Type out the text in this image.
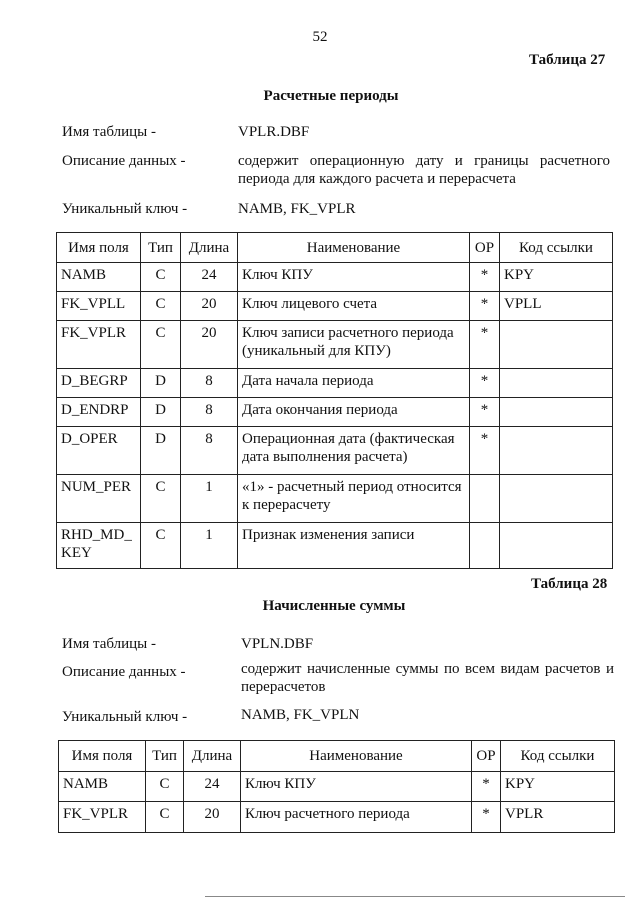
52
Таблица 27
Расчетные периоды
Имя таблицы -	VPLR.DBF
Описание данных -	содержит операционную дату и границы расчетного периода для каждого расчета и перерасчета
Уникальный ключ -	NAMB, FK_VPLR
Имя поля	Тип	Длина	Наименование	ОР	Код ссылки
NAMB	C	24	Ключ КПУ	*	KPY
FK_VPLL	C	20	Ключ лицевого счета	*	VPLL
FK_VPLR	C	20	Ключ записи расчетного периода (уникальный для КПУ)	*	
D_BEGRP	D	8	Дата начала периода	*	
D_ENDRP	D	8	Дата окончания периода	*	
D_OPER	D	8	Операционная дата (фактическая дата выполнения расчета)	*	
NUM_PER	C	1	«1» - расчетный период относится к перерасчету		
RHD_MD_ KEY	C	1	Признак изменения записи		
Таблица 28
Начисленные суммы
Имя таблицы -	VPLN.DBF
Описание данных -	содержит начисленные суммы по всем видам расчетов и перерасчетов
Уникальный ключ -	NAMB, FK_VPLN
Имя поля	Тип	Длина	Наименование	ОР	Код ссылки
NAMB	C	24	Ключ КПУ	*	KPY
FK_VPLR	C	20	Ключ расчетного периода	*	VPLR
